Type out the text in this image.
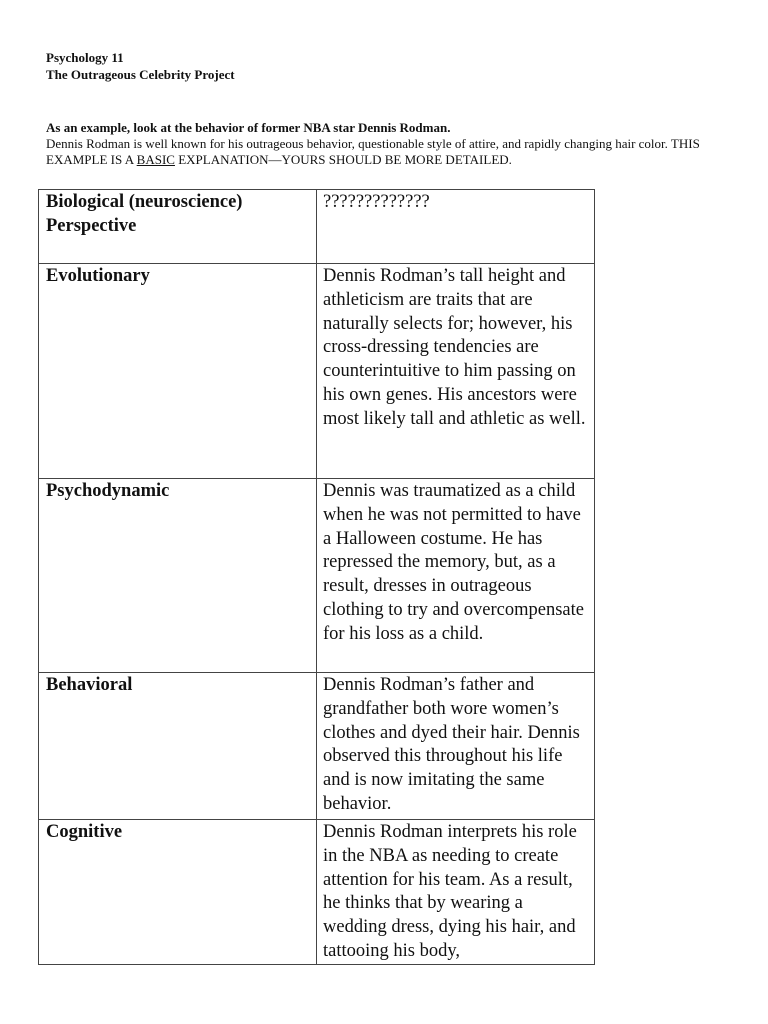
Psychology 11
The Outrageous Celebrity Project
As an example, look at the behavior of former NBA star Dennis Rodman.
Dennis Rodman is well known for his outrageous behavior, questionable style of attire, and rapidly changing hair color. THIS EXAMPLE IS A BASIC EXPLANATION—YOURS SHOULD BE MORE DETAILED.
Biological (neuroscience)
Perspective	?????????????
Evolutionary	Dennis Rodman’s tall height and athleticism are traits that are naturally selects for; however, his cross-dressing tendencies are counterintuitive to him passing on his own genes. His ancestors were most likely tall and athletic as well.
Psychodynamic	Dennis was traumatized as a child when he was not permitted to have a Halloween costume. He has repressed the memory, but, as a result, dresses in outrageous clothing to try and overcompensate for his loss as a child.
Behavioral	Dennis Rodman’s father and grandfather both wore women’s clothes and dyed their hair. Dennis observed this throughout his life and is now imitating the same behavior.
Cognitive	Dennis Rodman interprets his role in the NBA as needing to create attention for his team. As a result, he thinks that by wearing a wedding dress, dying his hair, and tattooing his body,
